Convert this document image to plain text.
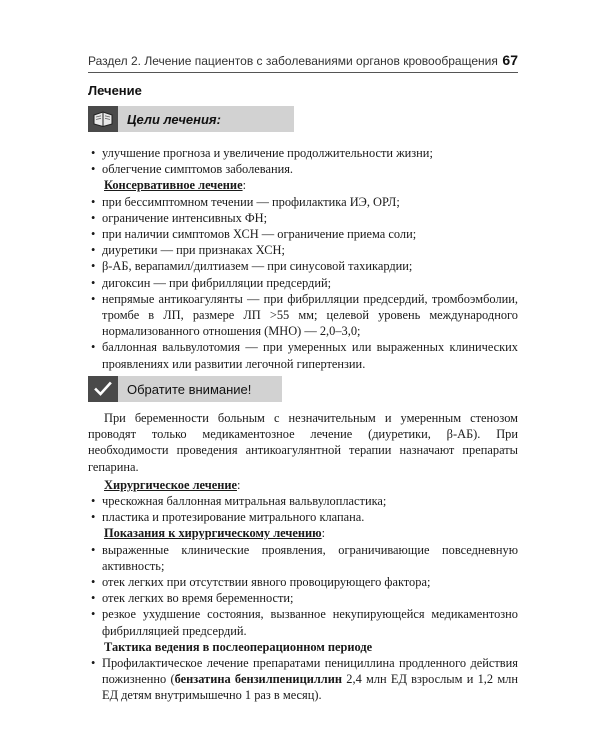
Раздел 2. Лечение пациентов с заболеваниями органов кровообращения 67
Лечение
Цели лечения:
• улучшение прогноза и увеличение продолжительности жизни;
• облегчение симптомов заболевания.
Консервативное лечение:
• при бессимптомном течении — профилактика ИЭ, ОРЛ;
• ограничение интенсивных ФН;
• при наличии симптомов ХСН — ограничение приема соли;
• диуретики — при признаках ХСН;
• β-АБ, верапамил/дилтиазем — при синусовой тахикардии;
• дигоксин — при фибрилляции предсердий;
• непрямые антикоагулянты — при фибрилляции предсердий, тромбоэмболии, тромбе в ЛП, размере ЛП >55 мм; целевой уровень международного нормализованного отношения (МНО) — 2,0–3,0;
• баллонная вальвулотомия — при умеренных или выраженных клинических проявлениях или развитии легочной гипертензии.
Обратите внимание!

При беременности больным с незначительным и умеренным стенозом проводят только медикаментозное лечение (диуретики, β-АБ). При необходимости проведения антикоагулянтной терапии назначают препараты гепарина.

Хирургическое лечение:
• чрескожная баллонная митральная вальвулопластика;
• пластика и протезирование митрального клапана.
Показания к хирургическому лечению:
• выраженные клинические проявления, ограничивающие повседневную активность;
• отек легких при отсутствии явного провоцирующего фактора;
• отек легких во время беременности;
• резкое ухудшение состояния, вызванное некупирующейся медикаментозно фибрилляцией предсердий.
Тактика ведения в послеоперационном периоде
• Профилактическое лечение препаратами пенициллина продленного действия пожизненно (бензатина бензилпенициллин 2,4 млн ЕД взрослым и 1,2 млн ЕД детям внутримышечно 1 раз в месяц).
